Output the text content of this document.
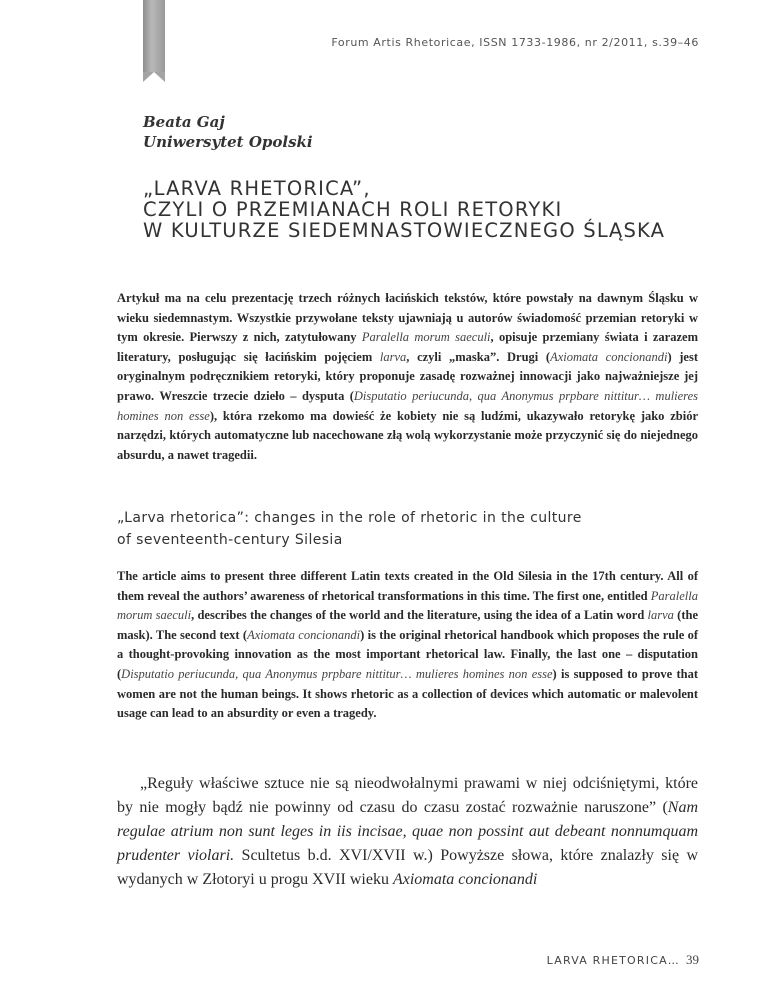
Forum Artis Rhetoricae, ISSN 1733-1986, nr 2/2011, s.39–46
Beata Gaj
Uniwersytet Opolski
„LARVA RHETORICA”,
CZYLI O PRZEMIANACH ROLI RETORYKI
W KULTURZE SIEDEMNASTOWIECZNEGO ŚLĄSKA

Artykuł ma na celu prezentację trzech różnych łacińskich tekstów, które powstały na dawnym Śląsku w wieku siedemnastym. Wszystkie przywołane teksty ujawniają u autorów świadomość przemian retoryki w tym okresie. Pierwszy z nich, zatytułowany Paralella morum saeculi, opisuje przemiany świata i zarazem literatury, posługując się łacińskim pojęciem larva, czyli „maska”. Drugi (Axiomata concionandi) jest oryginalnym podręcznikiem retoryki, który proponuje zasadę rozważnej innowacji jako najważniejsze jej prawo. Wreszcie trzecie dzieło – dysputa (Disputatio periucunda, qua Anonymus prpbare nittitur… mulieres homines non esse), która rzekomo ma dowieść że kobiety nie są ludźmi, ukazywało retorykę jako zbiór narzędzi, których automatyczne lub nacechowane złą wolą wykorzystanie może przyczynić się do niejednego absurdu, a nawet tragedii.

„Larva rhetorica”: changes in the role of rhetoric in the culture
of seventeenth-century Silesia

The article aims to present three different Latin texts created in the Old Silesia in the 17th century. All of them reveal the authors’ awareness of rhetorical transformations in this time. The first one, entitled Paralella morum saeculi, describes the changes of the world and the literature, using the idea of a Latin word larva (the mask). The second text (Axiomata concionandi) is the original rhetorical handbook which proposes the rule of a thought-provoking innovation as the most important rhetorical law. Finally, the last one – disputation (Disputatio periucunda, qua Anonymus prpbare nittitur… mulieres homines non esse) is supposed to prove that women are not the human beings. It shows rhetoric as a collection of devices which automatic or malevolent usage can lead to an absurdity or even a tragedy.

„Reguły właściwe sztuce nie są nieodwołalnymi prawami w niej odciśniętymi, które by nie mogły bądź nie powinny od czasu do czasu zostać rozważnie naruszone” (Nam regulae atrium non sunt leges in iis incisae, quae non possint aut debeant nonnumquam prudenter violari. Scultetus b.d. XVI/XVII w.) Powyższe słowa, które znalazły się w wydanych w Złotoryi u progu XVII wieku Axiomata concionandi

LARVA RHETORICA… 39
